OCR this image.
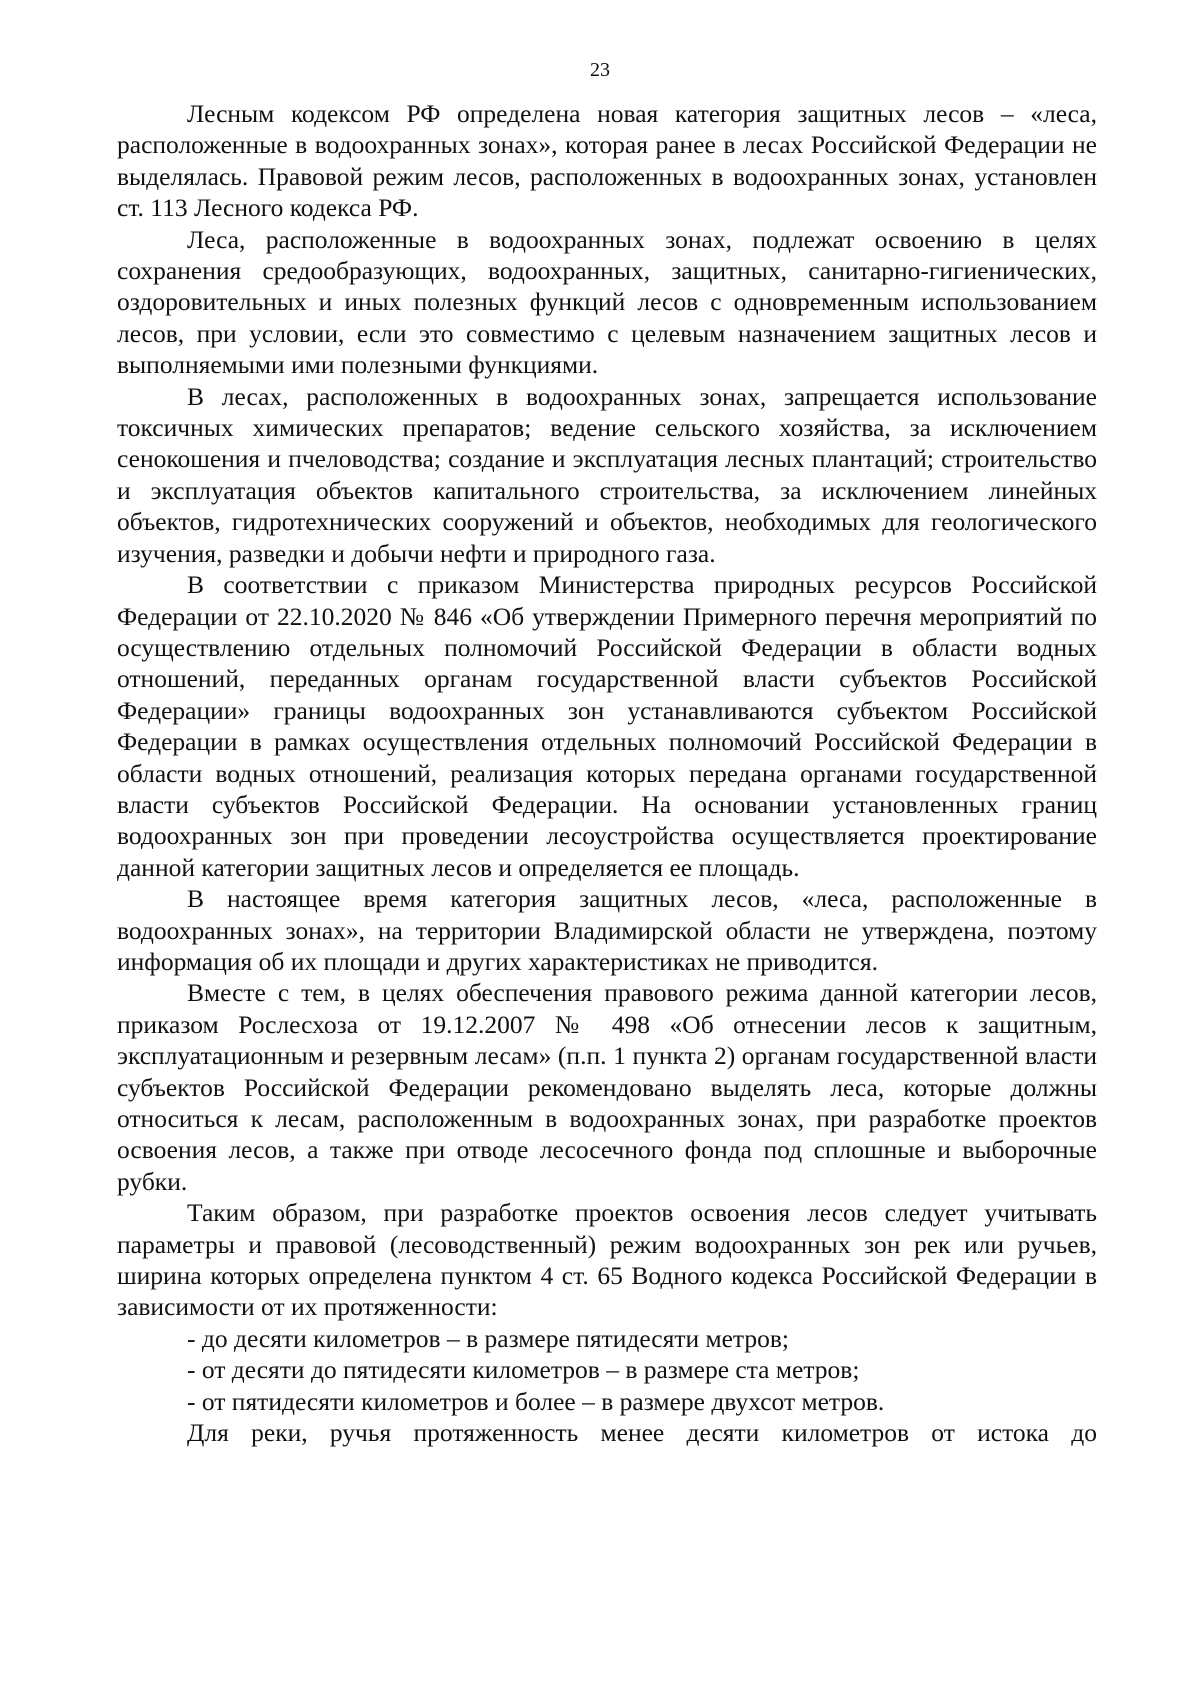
23

Лесным кодексом РФ определена новая категория защитных лесов – «леса, расположенные в водоохранных зонах», которая ранее в лесах Российской Федерации не выделялась. Правовой режим лесов, расположенных в водоохранных зонах, установлен ст. 113 Лесного кодекса РФ.

Леса, расположенные в водоохранных зонах, подлежат освоению в целях сохранения средообразующих, водоохранных, защитных, санитарно-гигиенических, оздоровительных и иных полезных функций лесов с одновременным использованием лесов, при условии, если это совместимо с целевым назначением защитных лесов и выполняемыми ими полезными функциями.

В лесах, расположенных в водоохранных зонах, запрещается использование токсичных химических препаратов; ведение сельского хозяйства, за исключением сенокошения и пчеловодства; создание и эксплуатация лесных плантаций; строительство и эксплуатация объектов капитального строительства, за исключением линейных объектов, гидротехнических сооружений и объектов, необходимых для геологического изучения, разведки и добычи нефти и природного газа.

В соответствии с приказом Министерства природных ресурсов Российской Федерации от 22.10.2020 № 846 «Об утверждении Примерного перечня мероприятий по осуществлению отдельных полномочий Российской Федерации в области водных отношений, переданных органам государственной власти субъектов Российской Федерации» границы водоохранных зон устанавливаются субъектом Российской Федерации в рамках осуществления отдельных полномочий Российской Федерации в области водных отношений, реализация которых передана органами государственной власти субъектов Российской Федерации. На основании установленных границ водоохранных зон при проведении лесоустройства осуществляется проектирование данной категории защитных лесов и определяется ее площадь.

В настоящее время категория защитных лесов, «леса, расположенные в водоохранных зонах», на территории Владимирской области не утверждена, поэтому информация об их площади и других характеристиках не приводится.

Вместе с тем, в целях обеспечения правового режима данной категории лесов, приказом Рослесхоза от 19.12.2007 № 498 «Об отнесении лесов к защитным, эксплуатационным и резервным лесам» (п.п. 1 пункта 2) органам государственной власти субъектов Российской Федерации рекомендовано выделять леса, которые должны относиться к лесам, расположенным в водоохранных зонах, при разработке проектов освоения лесов, а также при отводе лесосечного фонда под сплошные и выборочные рубки.

Таким образом, при разработке проектов освоения лесов следует учитывать параметры и правовой (лесоводственный) режим водоохранных зон рек или ручьев, ширина которых определена пунктом 4 ст. 65 Водного кодекса Российской Федерации в зависимости от их протяженности:

- до десяти километров – в размере пятидесяти метров;
- от десяти до пятидесяти километров – в размере ста метров;
- от пятидесяти километров и более – в размере двухсот метров.

Для реки, ручья протяженность менее десяти километров от истока до
